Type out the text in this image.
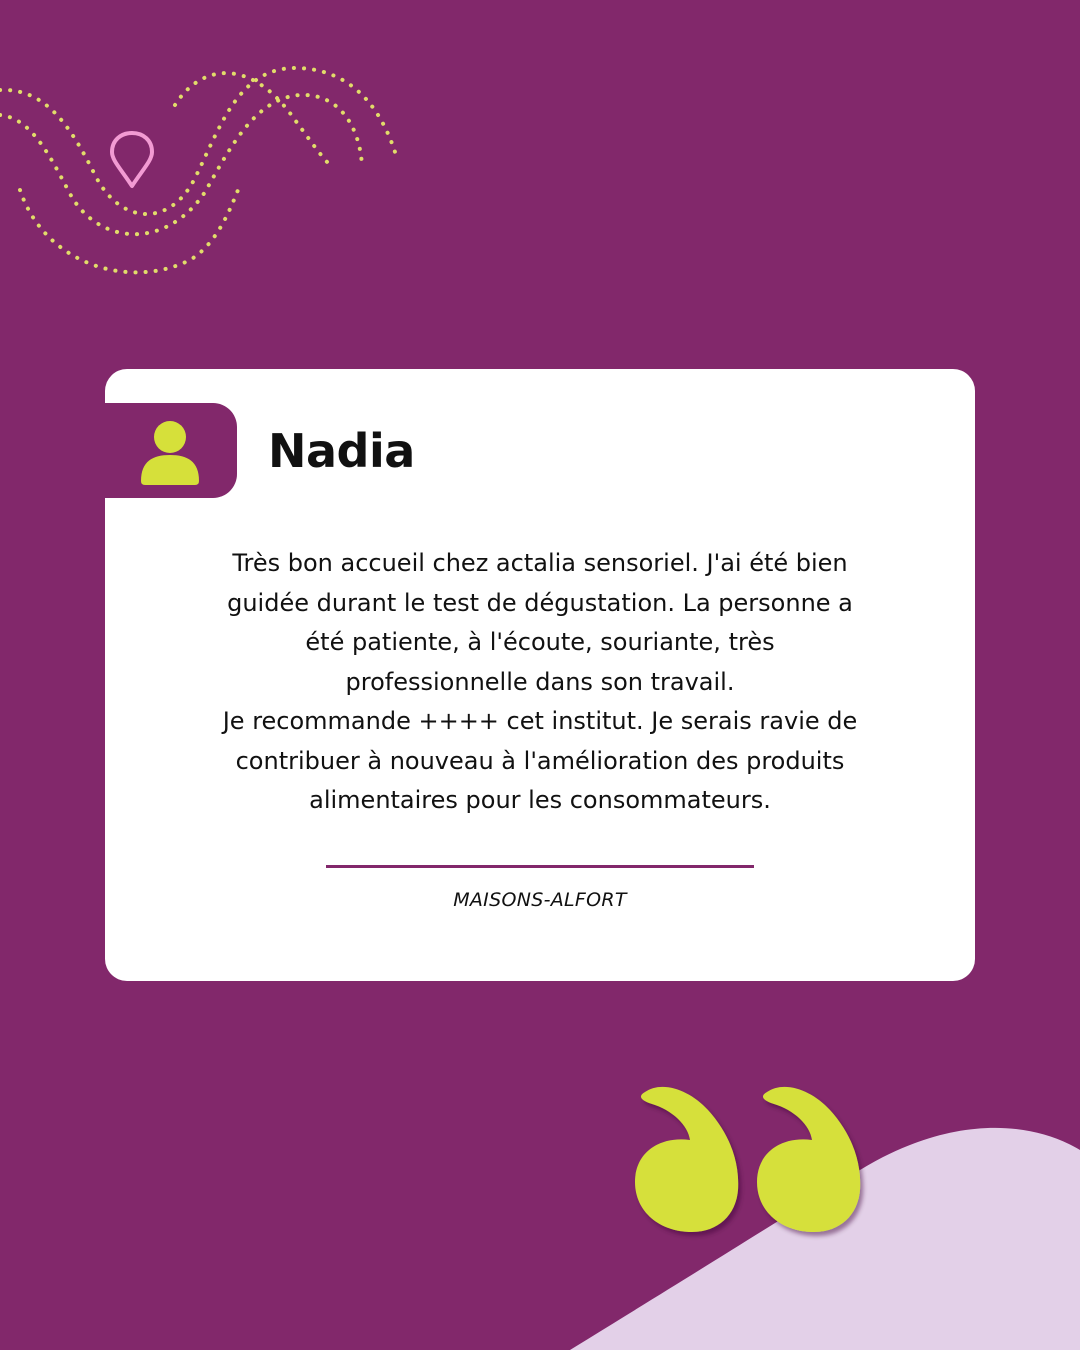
Nadia

Très bon accueil chez actalia sensoriel. J'ai été bien
guidée durant le test de dégustation. La personne a
été patiente, à l'écoute, souriante, très
professionnelle dans son travail.
Je recommande ++++ cet institut. Je serais ravie de
contribuer à nouveau à l'amélioration des produits
alimentaires pour les consommateurs.

MAISONS-ALFORT
